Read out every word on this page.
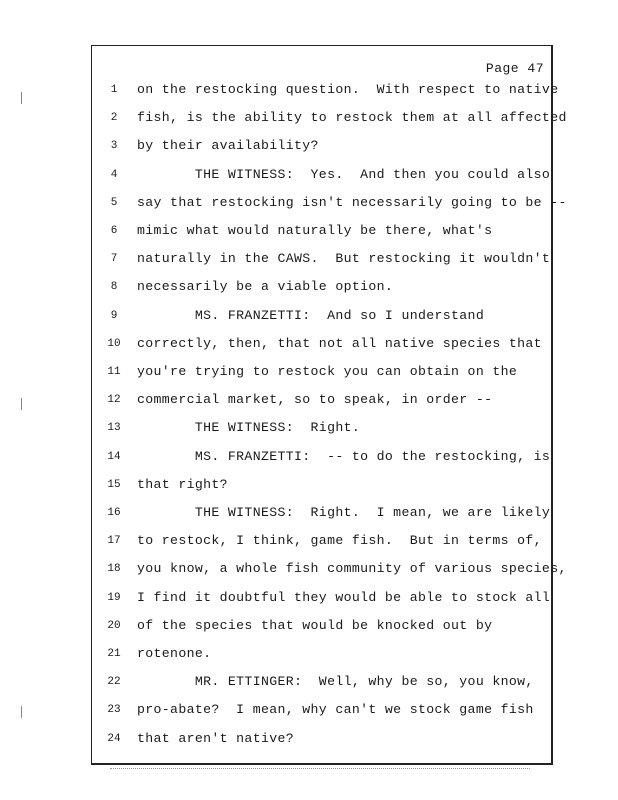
Page 47
1	on the restocking question.  With respect to native
2	fish, is the ability to restock them at all affected
3	by their availability?
4	THE WITNESS:  Yes.  And then you could also
5	say that restocking isn't necessarily going to be --
6	mimic what would naturally be there, what's
7	naturally in the CAWS.  But restocking it wouldn't
8	necessarily be a viable option.
9	MS. FRANZETTI:  And so I understand
10	correctly, then, that not all native species that
11	you're trying to restock you can obtain on the
12	commercial market, so to speak, in order --
13	THE WITNESS:  Right.
14	MS. FRANZETTI:  -- to do the restocking, is
15	that right?
16	THE WITNESS:  Right.  I mean, we are likely
17	to restock, I think, game fish.  But in terms of,
18	you know, a whole fish community of various species,
19	I find it doubtful they would be able to stock all
20	of the species that would be knocked out by
21	rotenone.
22	MR. ETTINGER:  Well, why be so, you know,
23	pro-abate?  I mean, why can't we stock game fish
24	that aren't native?
